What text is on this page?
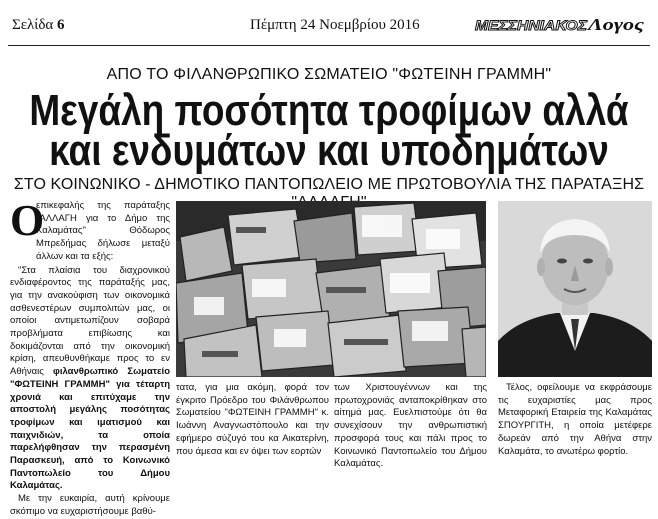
Σελίδα 6	Πέμπτη 24 Νοεμβρίου 2016	ΜΕΣΣΗΝΙΑΚΟΣ
Λογος
ΑΠΟ ΤΟ ΦΙΛΑΝΘΡΩΠΙΚΟ ΣΩΜΑΤΕΙΟ "ΦΩΤΕΙΝΗ ΓΡΑΜΜΗ"
Μεγάλη ποσότητα τροφίμων αλλά
και ενδυμάτων και υποδημάτων
ΣΤΟ ΚΟΙΝΩΝΙΚΟ - ΔΗΜΟΤΙΚΟ ΠΑΝΤΟΠΩΛΕΙΟ ΜΕ ΠΡΩΤΟΒΟΥΛΙΑ ΤΗΣ ΠΑΡΑΤΑΞΗΣ

Ο
επικεφαλής της παράταξης "ΑΛΛΑΓΗ για το Δήμο της Καλαμάτας" Θόδωρος Μπρεδήμας δήλωσε μεταξύ άλλων και τα εξής:

"Στα πλαίσια του διαχρονικού ενδιαφέροντος της παράταξής μας, για την ανακούφιση των οικονομικά ασθενεστέρων συμπολιτών μας, οι οποίοι αντιμετωπίζουν σοβαρά προβλήματα επιβίωσης και δοκιμάζονται από την οικονομική κρίση, απευθυνθήκαμε προς το εν Αθήναις φιλανθρωπικό Σωματείο "ΦΩΤΕΙΝΗ ΓΡΑΜΜΗ" για τέταρτη χρονιά και επιτύχαμε την αποστολή μεγάλης ποσότητας τροφίμων και ιματισμού και παιχνιδιών, τα οποία παρελήφθησαν την περασμένη Παρασκευή, από το Κοινωνικό Παντοπωλείο του Δήμου Καλαμάτας.

Με την ευκαιρία, αυτή κρίνουμε σκόπιμο να ευχαριστήσουμε βαθύ-

τατα, για μια ακόμη, φορά τον έγκριτο Πρόεδρο του Φιλάνθρωπου Σωματείου "ΦΩΤΕΙΝΗ ΓΡΑΜΜΗ" κ. Ιωάννη Αναγνωστόπουλο και την εφήμερο σύζυγό του κα Αικατερίνη, που άμεσα και εν όψει των εορτών

των Χριστουγέννων και της πρωτοχρονιάς ανταποκρίθηκαν στο αίτημά μας. Ευελπιστούμε ότι θα συνεχίσουν την ανθρωπιστική προσφορά τους και πάλι προς το Κοινωνικό Παντοπωλείο του Δήμου Καλαμάτας.

Τέλος, οφείλουμε να εκφράσουμε τις ευχαριστίες μας προς Μεταφορική Εταιρεία της Καλαμάτας ΣΠΟΥΡΓΙΤΗ, η οποία μετέφερε δωρεάν από την Αθήνα στην Καλαμάτα, το ανωτέρω φορτίο.
